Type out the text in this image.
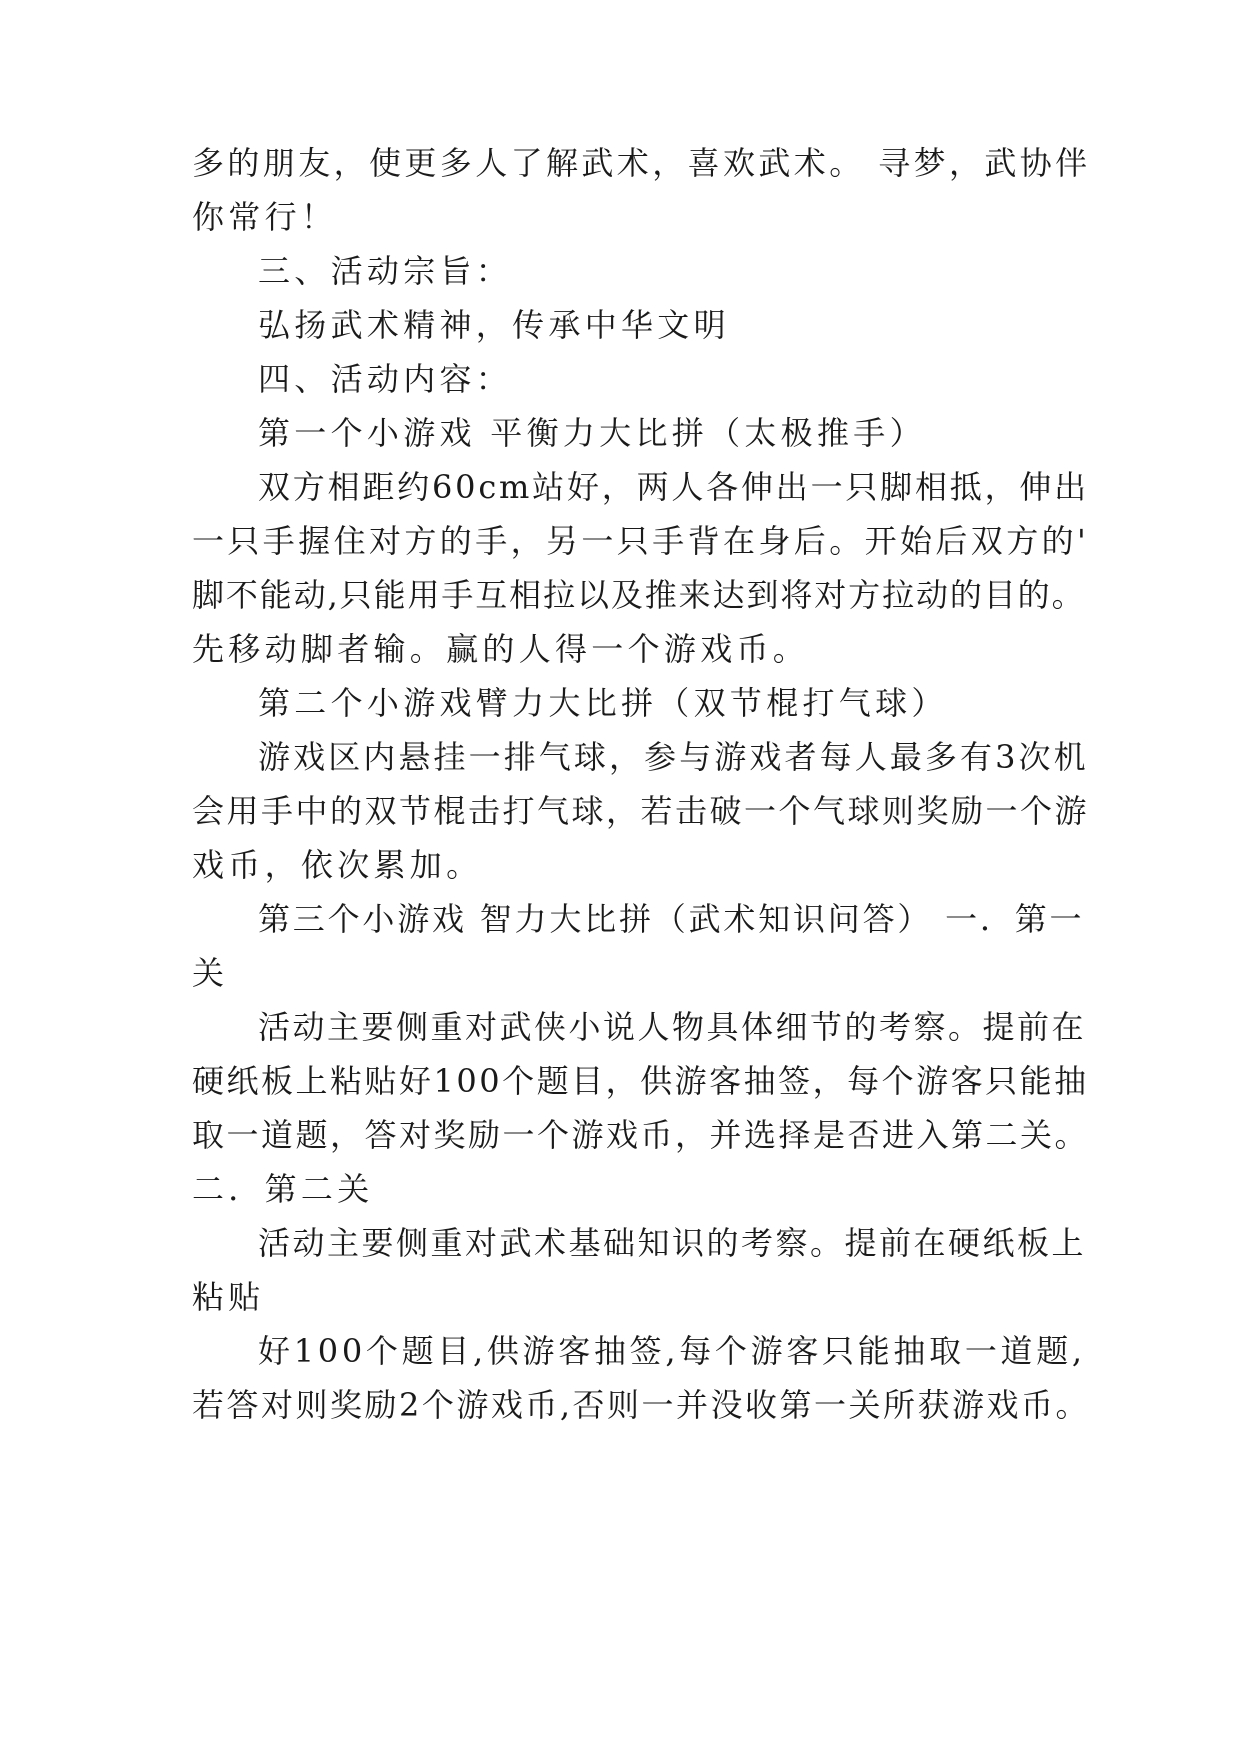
多的朋友，使更多人了解武术，喜欢武术。 寻梦，武协伴
你常行！
三、活动宗旨：
弘扬武术精神，传承中华文明
四、活动内容：
第一个小游戏 平衡力大比拼（太极推手）
双方相距约60cm站好，两人各伸出一只脚相抵，伸出
一只手握住对方的手，另一只手背在身后。开始后双方的'
脚不能动,只能用手互相拉以及推来达到将对方拉动的目的。
先移动脚者输。赢的人得一个游戏币。
第二个小游戏臂力大比拼（双节棍打气球）
游戏区内悬挂一排气球，参与游戏者每人最多有3次机
会用手中的双节棍击打气球，若击破一个气球则奖励一个游
戏币，依次累加。
第三个小游戏 智力大比拼（武术知识问答） 一．第一
关
活动主要侧重对武侠小说人物具体细节的考察。提前在
硬纸板上粘贴好100个题目，供游客抽签，每个游客只能抽
取一道题，答对奖励一个游戏币，并选择是否进入第二关。
二．第二关
活动主要侧重对武术基础知识的考察。提前在硬纸板上
粘贴
好100个题目,供游客抽签,每个游客只能抽取一道题,
若答对则奖励2个游戏币,否则一并没收第一关所获游戏币。
